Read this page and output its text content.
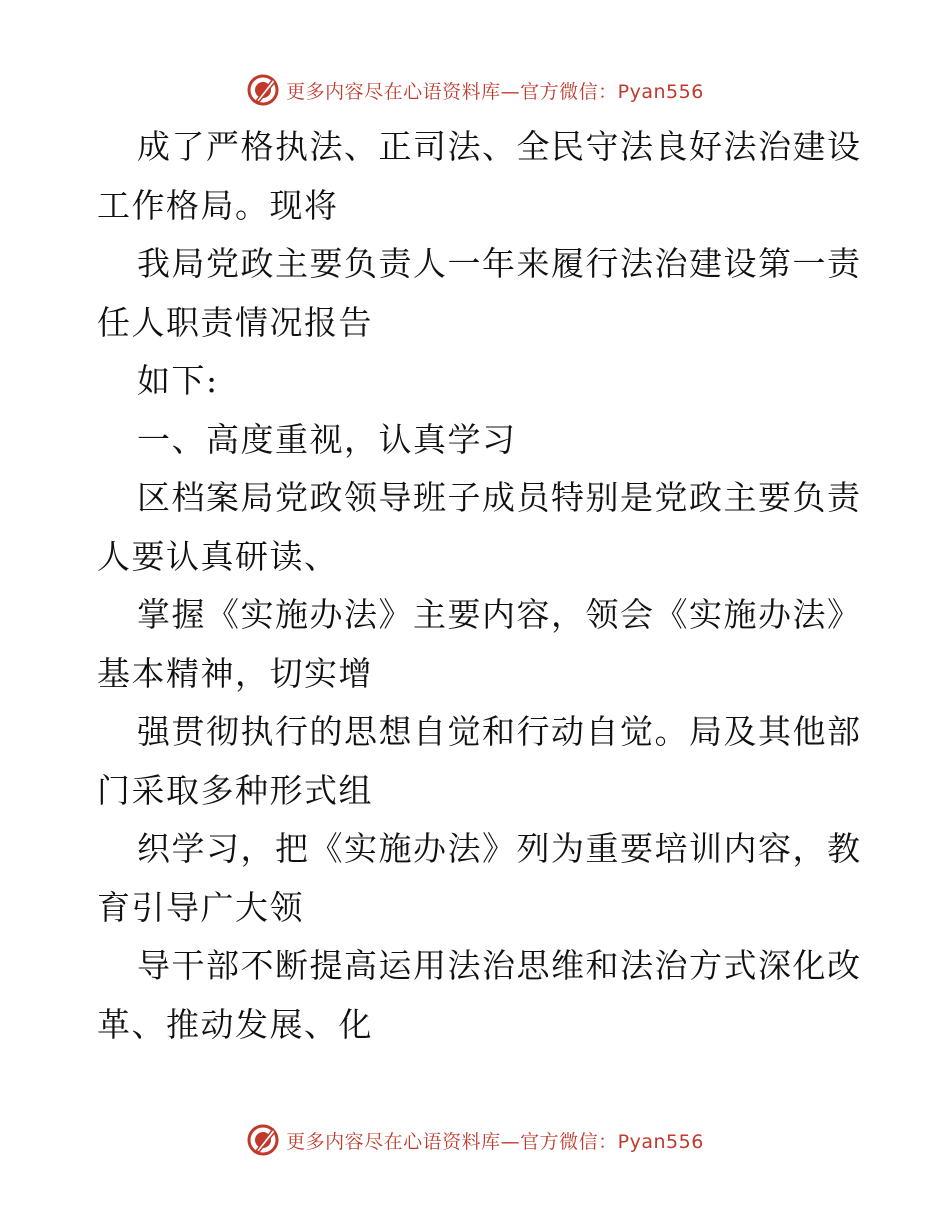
更多内容尽在心语资料库—官方微信：Pyan556
成了严格执法、正司法、全民守法良好法治建设
工作格局。现将
我局党政主要负责人一年来履行法治建设第一责
任人职责情况报告
如下:
一、高度重视，认真学习
区档案局党政领导班子成员特别是党政主要负责
人要认真研读、
掌握《实施办法》主要内容，领会《实施办法》
基本精神，切实增
强贯彻执行的思想自觉和行动自觉。局及其他部
门采取多种形式组
织学习，把《实施办法》列为重要培训内容，教
育引导广大领
导干部不断提高运用法治思维和法治方式深化改
革、推动发展、化
更多内容尽在心语资料库—官方微信：Pyan556
